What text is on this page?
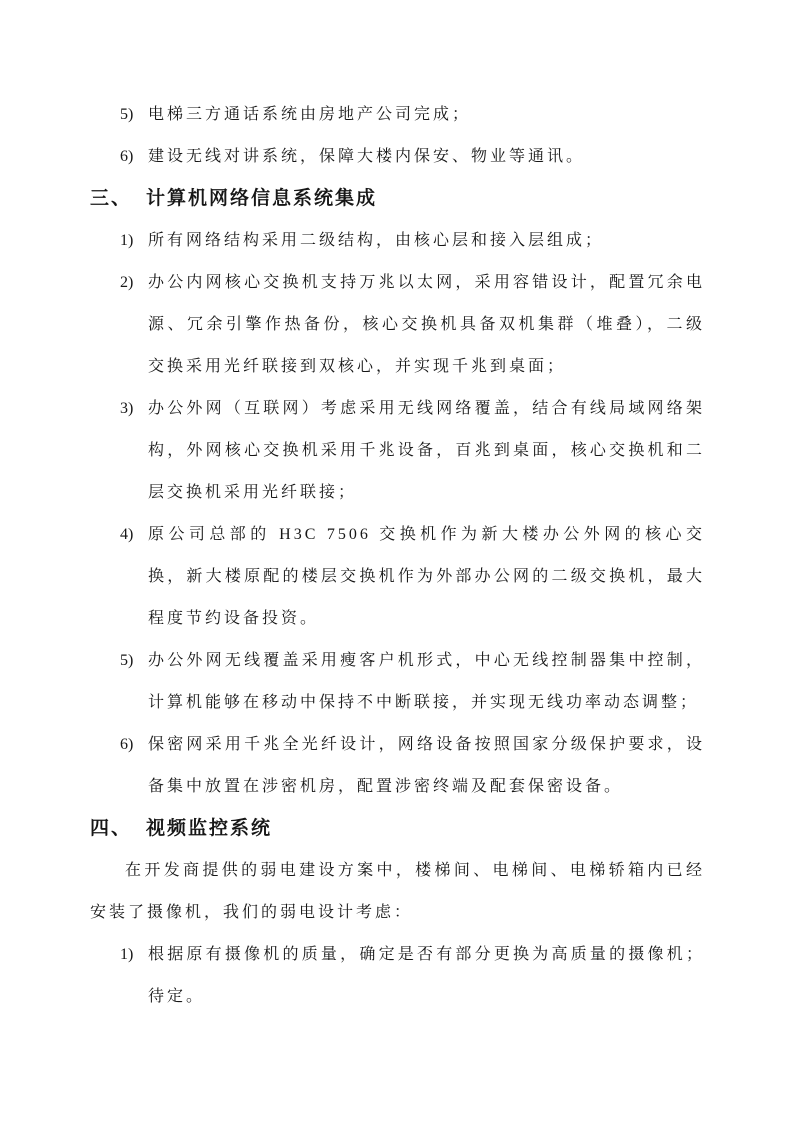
5) 电梯三方通话系统由房地产公司完成；
6) 建设无线对讲系统，保障大楼内保安、物业等通讯。
三、 计算机网络信息系统集成
1) 所有网络结构采用二级结构，由核心层和接入层组成；
2) 办公内网核心交换机支持万兆以太网，采用容错设计，配置冗余电源、冗余引擎作热备份，核心交换机具备双机集群（堆叠），二级交换采用光纤联接到双核心，并实现千兆到桌面；
3) 办公外网（互联网）考虑采用无线网络覆盖，结合有线局域网络架构，外网核心交换机采用千兆设备，百兆到桌面，核心交换机和二层交换机采用光纤联接；
4) 原公司总部的 H3C 7506 交换机作为新大楼办公外网的核心交换，新大楼原配的楼层交换机作为外部办公网的二级交换机，最大程度节约设备投资。
5) 办公外网无线覆盖采用瘦客户机形式，中心无线控制器集中控制，计算机能够在移动中保持不中断联接，并实现无线功率动态调整；
6) 保密网采用千兆全光纤设计，网络设备按照国家分级保护要求，设备集中放置在涉密机房，配置涉密终端及配套保密设备。
四、 视频监控系统
在开发商提供的弱电建设方案中，楼梯间、电梯间、电梯轿箱内已经安装了摄像机，我们的弱电设计考虑：
1) 根据原有摄像机的质量，确定是否有部分更换为高质量的摄像机；待定。
